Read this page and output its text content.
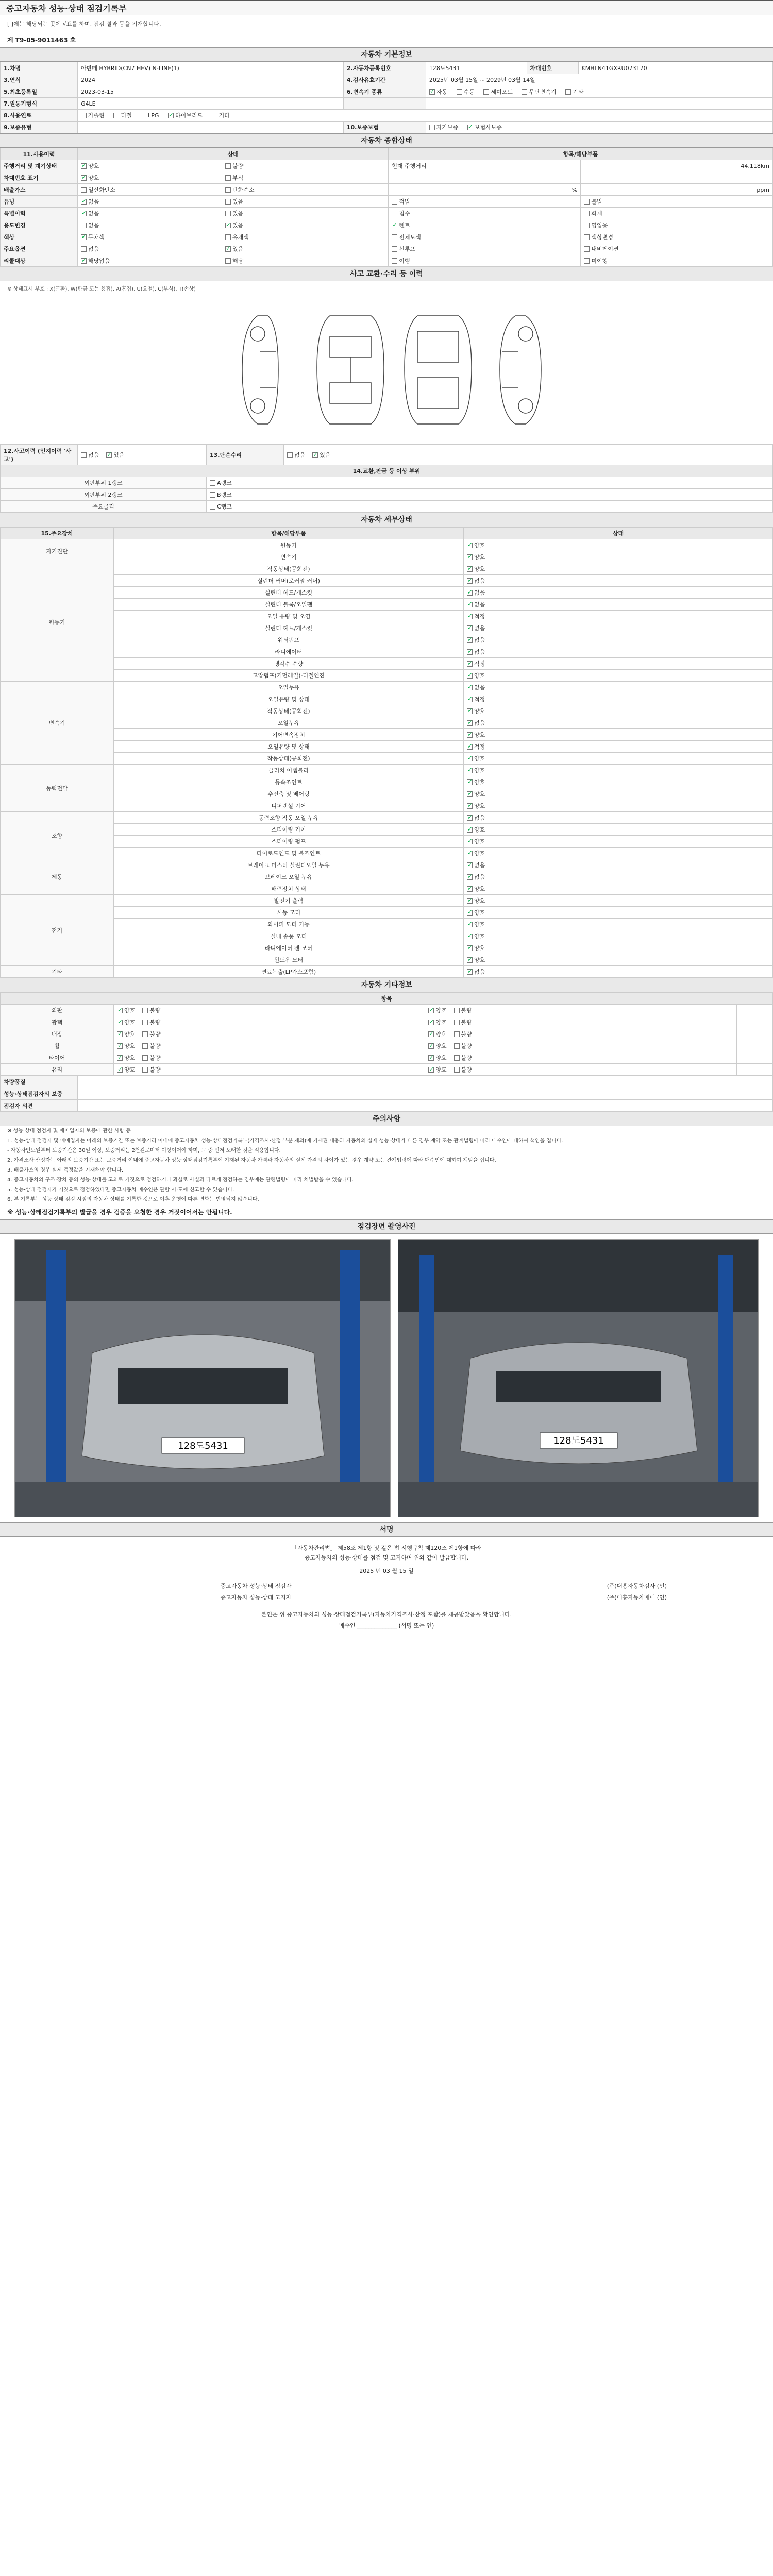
중고자동차 성능·상태 점검기록부
[ ]에는 해당되는 곳에 √표를 하며, 점검 결과 등을 기재합니다.
제 T9-05-9011463 호
자동차 기본정보
1.차명	아반떼 HYBRID(CN7 HEV) N-LINE(1)	2.자동차등록번호	128도5431	차대번호	KMHLN41GXRU073170
3.연식	2024	4.검사유효기간	2025년 03월 15일 ~ 2029년 03월 14일		
5.최초등록일	2023-03-15	6.변속기 종류	✓자동 수동 세미오토 무단변속기 기타
7.원동기형식	G4LE				
8.사용연료	가솔린 디젤 LPG ✓ 하이브리드 기타
9.보증유형		10.보증보험	자가보증 ✓ 보험사보증
자동차 종합상태
11.사용이력	상태		항목/해당부품	
주행거리 및 계기상태	✓양호	불량	현재 주행거리	44,118km
차대번호 표기	✓양호	부식		
배출가스	일산화탄소	탄화수소	%	ppm
튜닝	✓없음	있음	적법	불법
특별이력	✓없음	있음	침수	화재
용도변경	없음	✓있음	✓렌트	영업용
색상	✓무채색	유채색	전체도색	색상변경
주요옵션	없음	✓있음	선루프	내비게이션
리콜대상	✓해당없음	해당	이행	미이행
사고 교환·수리 등 이력
※ 상태표시 부호 : X(교환), W(판금 또는 용접), A(흠집), U(요철), C(부식), T(손상)
12.사고이력 (인지이력 '사고')	없음 ✓ 있음	13.단순수리	없음 ✓ 있음
14.교환,판금 등 이상 부위			
외판부위 1랭크		A랭크	
외판부위 2랭크		B랭크	
주요골격		C랭크	
자동차 세부상태
15.주요장치	항목/해당부품	상태
자기진단	원동기	✓양호
	변속기	✓양호
원동기	작동상태(공회전)	✓양호
	실린더 커버(로커암 커버)	✓없음
	실린더 헤드/개스킷	✓없음
	실린더 블록/오일팬	✓없음
	오일 유량 및 오염	✓적정
	실린더 헤드/개스킷	✓없음
	워터펌프	✓없음
	라디에이터	✓없음
	냉각수 수량	✓적정
	고압펌프(커먼레일)-디젤엔진	✓양호
변속기	오일누유	✓없음
	오일유량 및 상태	✓적정
	작동상태(공회전)	✓양호
	오일누유	✓없음
	기어변속장치	✓양호
	오일유량 및 상태	✓적정
	작동상태(공회전)	✓양호
동력전달	클러치 어셈블리	✓양호
	등속조인트	✓양호
	추진축 및 베어링	✓양호
	디퍼렌셜 기어	✓양호
조향	동력조향 작동 오일 누유	✓없음
	스티어링 기어	✓양호
	스티어링 펌프	✓양호
	타이로드엔드 및 볼조인트	✓양호
제동	브레이크 마스터 실린더오일 누유	✓없음
	브레이크 오일 누유	✓없음
	배력장치 상태	✓양호
전기	발전기 출력	✓양호
	시동 모터	✓양호
	와이퍼 모터 기능	✓양호
	실내 송풍 모터	✓양호
	라디에이터 팬 모터	✓양호
	윈도우 모터	✓양호
기타	연료누출(LP가스포함)	✓없음
자동차 기타정보
항목			
외판	✓양호 불량	✓양호 불량	
광택	✓양호 불량	✓양호 불량	
내장	✓양호 불량	✓양호 불량	
휠	✓양호 불량	✓양호 불량	
타이어	✓양호 불량	✓양호 불량	
유리	✓양호 불량	✓양호 불량	
차량품질	
성능·상태점검자의 보증	
점검자 의견	
주의사항

※ 성능·상태 점검자 및 매매업자의 보증에 관한 사항 등

1. 성능·상태 점검자 및 매매업자는 아래의 보증기간 또는 보증거리 이내에 중고자동차 성능·상태점검기록부(가격조사·산정 부분 제외)에 기재된 내용과 자동차의 실제 성능·상태가 다른 경우 계약 또는 관계법령에 따라 매수인에 대하여 책임을 집니다.

- 자동차인도일부터 보증기간은 30일 이상, 보증거리는 2천킬로미터 이상이어야 하며, 그 중 먼저 도래한 것을 적용합니다.

2. 가격조사·산정자는 아래의 보증기간 또는 보증거리 이내에 중고자동차 성능·상태점검기록부에 기재된 자동차 가격과 자동차의 실제 가격의 차이가 있는 경우 계약 또는 관계법령에 따라 매수인에 대하여 책임을 집니다.

3. 배출가스의 경우 실제 측정값을 기재해야 합니다.

4. 중고자동차의 구조·장치 등의 성능·상태를 고의로 거짓으로 점검하거나 과실로 사실과 다르게 점검하는 경우에는 관련법령에 따라 처벌받을 수 있습니다.

5. 성능·상태 점검자가 거짓으로 점검하였다면 중고자동차 매수인은 관할 시·도에 신고할 수 있습니다.

6. 본 기록부는 성능·상태 점검 시점의 자동차 상태를 기록한 것으로 이후 운행에 따른 변화는 반영되지 않습니다.

※ 성능·상태점검기록부의 발급을 경우 검증을 요청한 경우 거짓이어서는 안됩니다.
점검장면 촬영사진
128도5431	128도5431
서명
「자동차관리법」 제58조 제1항 및 같은 법 시행규칙 제120조 제1항에 따라
중고자동차의 성능·상태를 점검 및 고지하며 위와 같이 발급합니다.
2025 년 03 월 15 일
중고자동차 성능·상태 점검자	(주)대흥자동차검사 (인)
중고자동차 성능·상태 고지자	(주)대흥자동차매매 (인)
본인은 위 중고자동차의 성능·상태점검기록부(자동차가격조사·산정 포함)를 제공받았음을 확인합니다.
매수인 ______________ (서명 또는 인)
